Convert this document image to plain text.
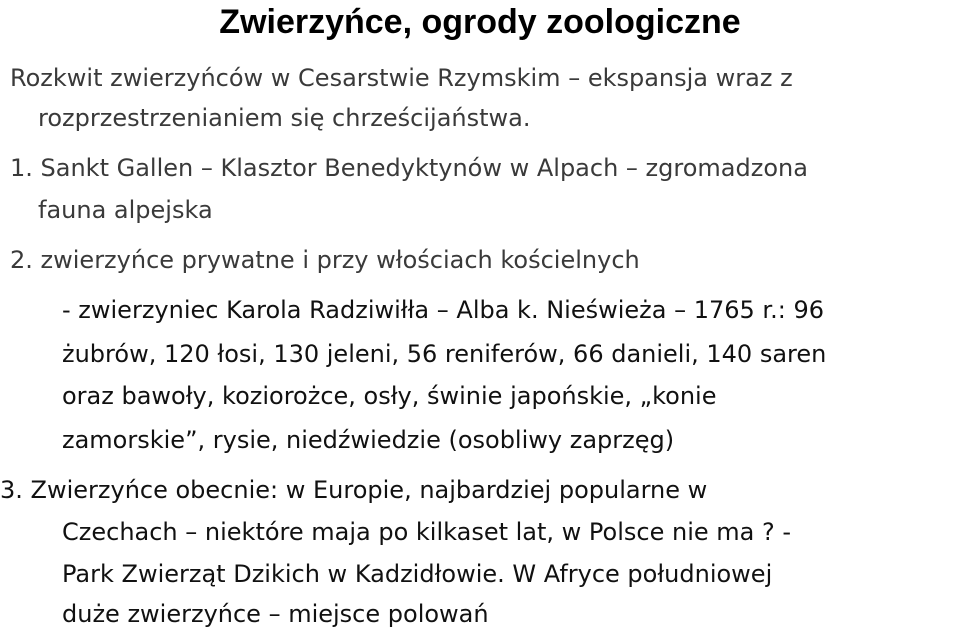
Zwierzyńce, ogrody zoologiczne
Rozkwit zwierzyńców w Cesarstwie Rzymskim – ekspansja wraz z
rozprzestrzenianiem się chrześcijaństwa.
1. Sankt Gallen – Klasztor Benedyktynów w Alpach – zgromadzona
fauna alpejska
2. zwierzyńce prywatne i przy włościach kościelnych
- zwierzyniec Karola Radziwiłła – Alba k. Nieświeża – 1765 r.: 96
żubrów, 120 łosi, 130 jeleni, 56 reniferów, 66 danieli, 140 saren
oraz bawoły, koziorożce, osły, świnie japońskie, „konie
zamorskie”, rysie, niedźwiedzie (osobliwy zaprzęg)
3. Zwierzyńce obecnie: w Europie, najbardziej popularne w
Czechach – niektóre maja po kilkaset lat, w Polsce nie ma ? -
Park Zwierząt Dzikich w Kadzidłowie. W Afryce południowej
duże zwierzyńce – miejsce polowań
